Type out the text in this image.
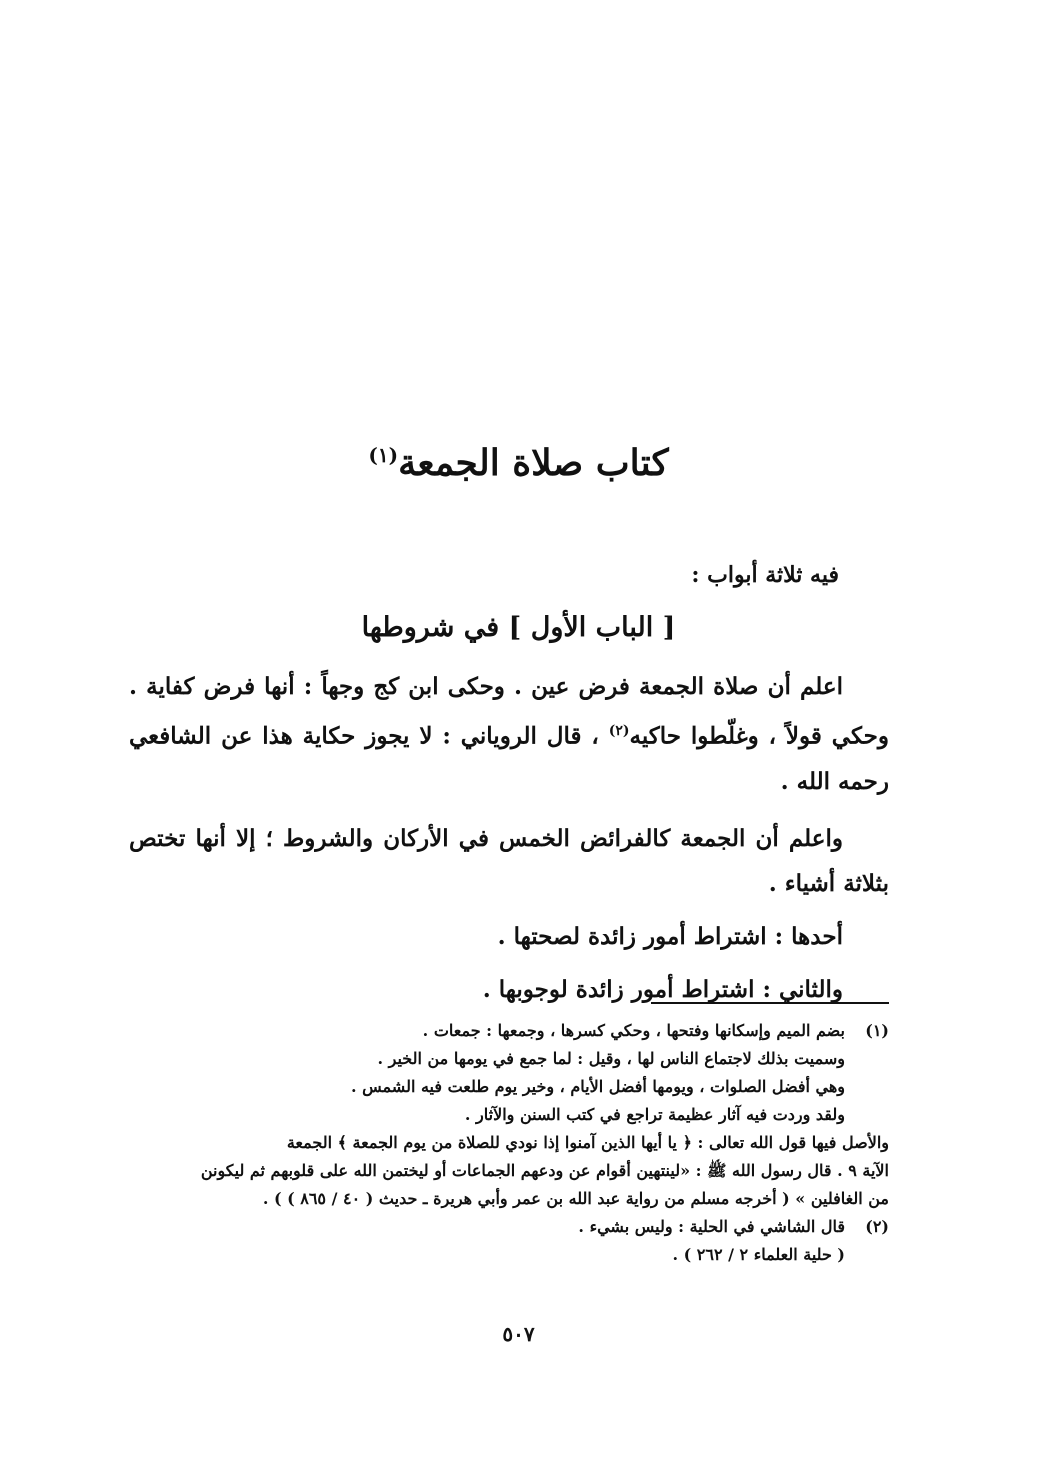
كتاب صلاة الجمعة$^{(١)}$
فيه ثلاثة أبواب :
[ الباب الأول ] في شروطها

اعلم أن صلاة الجمعة فرض عين . وحكى ابن كج وجهاً : أنها فرض كفاية . وحكي قولاً ، وغلّطوا حاكيه$^{(٢)}$ ، قال الروياني : لا يجوز حكاية هذا عن الشافعي رحمه الله .

واعلم أن الجمعة كالفرائض الخمس في الأركان والشروط ؛ إلا أنها تختص بثلاثة أشياء .

أحدها : اشتراط أمور زائدة لصحتها .

والثاني : اشتراط أمور زائدة لوجوبها .

(١)
بضم الميم وإسكانها وفتحها ، وحكي كسرها ، وجمعها : جمعات .
وسميت بذلك لاجتماع الناس لها ، وقيل : لما جمع في يومها من الخير .
وهي أفضل الصلوات ، ويومها أفضل الأيام ، وخير يوم طلعت فيه الشمس .
ولقد وردت فيه آثار عظيمة تراجع في كتب السنن والآثار .
والأصل فيها قول الله تعالى : ﴿ يا أيها الذين آمنوا إذا نودي للصلاة من يوم الجمعة ﴾ الجمعة
الآية ٩ . قال رسول الله ﷺ : «لينتهين أقوام عن ودعهم الجماعات أو ليختمن الله على قلوبهم ثم ليكونن
من الغافلين » ( أخرجه مسلم من رواية عبد الله بن عمر وأبي هريرة ـ حديث ( ٤٠ / ٨٦٥ ) ) .
(٢)
قال الشاشي في الحلية : وليس بشيء .
( حلية العلماء ٢ / ٢٦٢ ) .
٥٠٧
